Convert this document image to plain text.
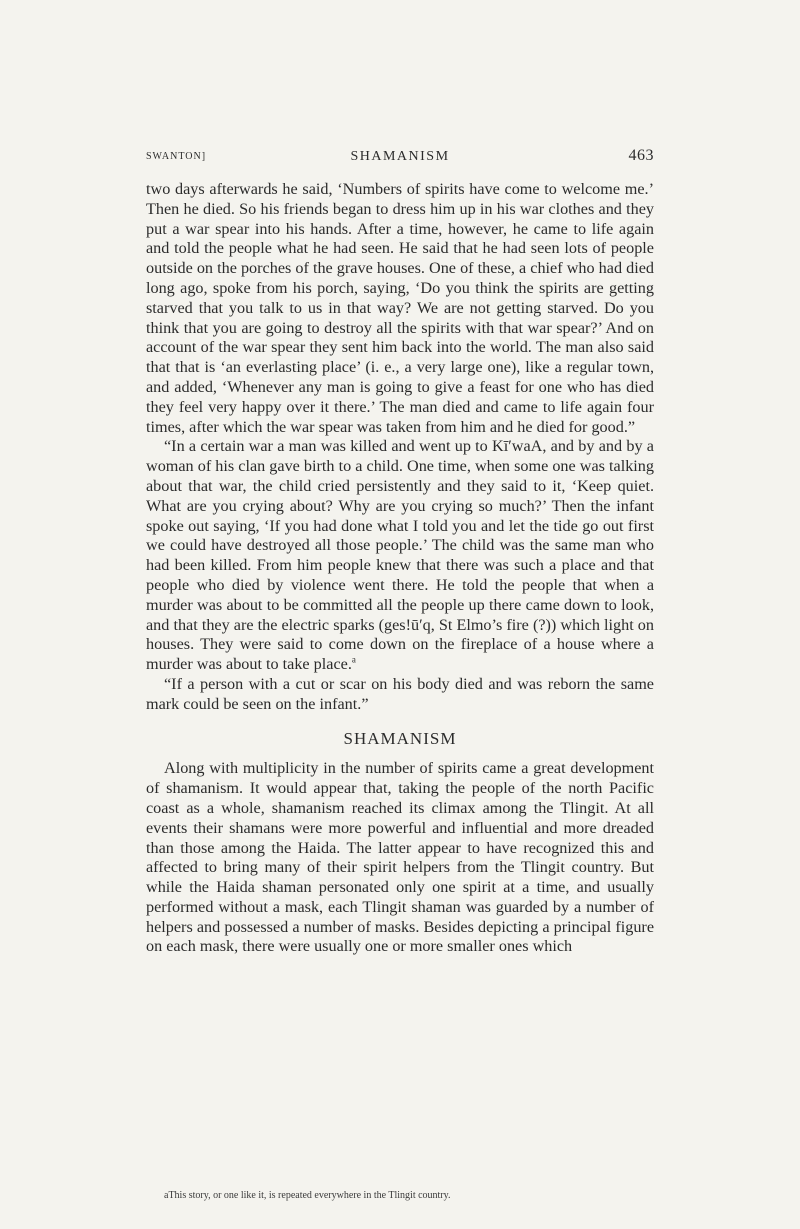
SWANTON]	SHAMANISM	463

two days afterwards he said, ‘Numbers of spirits have come to welcome me.’ Then he died. So his friends began to dress him up in his war clothes and they put a war spear into his hands. After a time, however, he came to life again and told the people what he had seen. He said that he had seen lots of people outside on the porches of the grave houses. One of these, a chief who had died long ago, spoke from his porch, saying, ‘Do you think the spirits are getting starved that you talk to us in that way? We are not getting starved. Do you think that you are going to destroy all the spirits with that war spear?’ And on account of the war spear they sent him back into the world. The man also said that that is ‘an everlasting place’ (i. e., a very large one), like a regular town, and added, ‘Whenever any man is going to give a feast for one who has died they feel very happy over it there.’ The man died and came to life again four times, after which the war spear was taken from him and he died for good.”

“In a certain war a man was killed and went up to Kī′waA, and by and by a woman of his clan gave birth to a child. One time, when some one was talking about that war, the child cried persistently and they said to it, ‘Keep quiet. What are you crying about? Why are you crying so much?’ Then the infant spoke out saying, ‘If you had done what I told you and let the tide go out first we could have destroyed all those people.’ The child was the same man who had been killed. From him people knew that there was such a place and that people who died by violence went there. He told the people that when a murder was about to be committed all the people up there came down to look, and that they are the electric sparks (ges!ū′q, St Elmo’s fire (?)) which light on houses. They were said to come down on the fireplace of a house where a murder was about to take place.$^a$

“If a person with a cut or scar on his body died and was reborn the same mark could be seen on the infant.”

SHAMANISM

Along with multiplicity in the number of spirits came a great development of shamanism. It would appear that, taking the people of the north Pacific coast as a whole, shamanism reached its climax among the Tlingit. At all events their shamans were more powerful and influential and more dreaded than those among the Haida. The latter appear to have recognized this and affected to bring many of their spirit helpers from the Tlingit country. But while the Haida shaman personated only one spirit at a time, and usually performed without a mask, each Tlingit shaman was guarded by a number of helpers and possessed a number of masks. Besides depicting a principal figure on each mask, there were usually one or more smaller ones which

aThis story, or one like it, is repeated everywhere in the Tlingit country.
